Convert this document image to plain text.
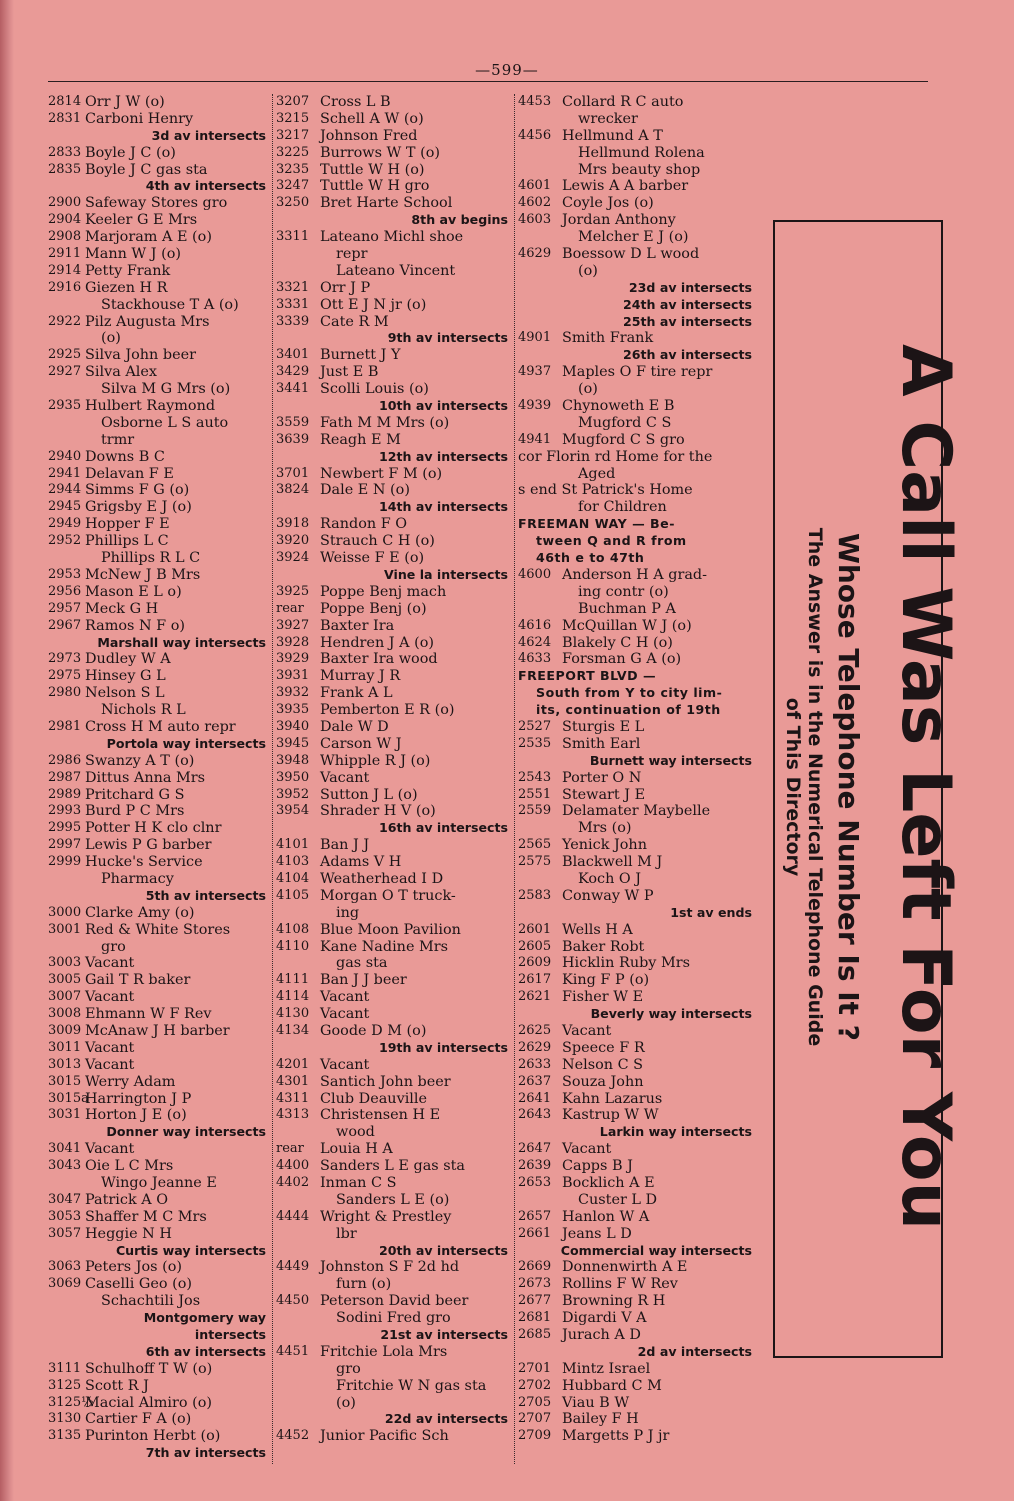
—599—
2814 Orr J W (o)
2831 Carboni Henry
3d av intersects
2833 Boyle J C (o)
2835 Boyle J C gas sta
4th av intersects
2900 Safeway Stores gro
2904 Keeler G E Mrs
2908 Marjoram A E (o)
2911 Mann W J (o)
2914 Petty Frank
2916 Giezen H R
Stackhouse T A (o)
2922 Pilz Augusta Mrs
(o)
2925 Silva John beer
2927 Silva Alex
Silva M G Mrs (o)
2935 Hulbert Raymond
Osborne L S auto
trmr
2940 Downs B C
2941 Delavan F E
2944 Simms F G (o)
2945 Grigsby E J (o)
2949 Hopper F E
2952 Phillips L C
Phillips R L C
2953 McNew J B Mrs
2956 Mason E L o)
2957 Meck G H
2967 Ramos N F o)
Marshall way intersects
2973 Dudley W A
2975 Hinsey G L
2980 Nelson S L
Nichols R L
2981 Cross H M auto repr
Portola way intersects
2986 Swanzy A T (o)
2987 Dittus Anna Mrs
2989 Pritchard G S
2993 Burd P C Mrs
2995 Potter H K clo clnr
2997 Lewis P G barber
2999 Hucke's Service
Pharmacy
5th av intersects
3000 Clarke Amy (o)
3001 Red & White Stores
gro
3003 Vacant
3005 Gail T R baker
3007 Vacant
3008 Ehmann W F Rev
3009 McAnaw J H barber
3011 Vacant
3013 Vacant
3015 Werry Adam
3015a
Harrington J P
3031 Horton J E (o)
Donner way intersects
3041 Vacant
3043 Oie L C Mrs
Wingo Jeanne E
3047 Patrick A O
3053 Shaffer M C Mrs
3057 Heggie N H
Curtis way intersects
3063 Peters Jos (o)
3069 Caselli Geo (o)
Schachtili Jos
Montgomery way
intersects
6th av intersects
3111 Schulhoff T W (o)
3125 Scott R J
3125½
Macial Almiro (o)
3130 Cartier F A (o)
3135 Purinton Herbt (o)
7th av intersects
3207 Cross L B
3215 Schell A W (o)
3217 Johnson Fred
3225 Burrows W T (o)
3235 Tuttle W H (o)
3247 Tuttle W H gro
3250 Bret Harte School
8th av begins
3311 Lateano Michl shoe
repr
Lateano Vincent
3321 Orr J P
3331 Ott E J N jr (o)
3339 Cate R M
9th av intersects
3401 Burnett J Y
3429 Just E B
3441 Scolli Louis (o)
10th av intersects
3559 Fath M M Mrs (o)
3639 Reagh E M
12th av intersects
3701 Newbert F M (o)
3824 Dale E N (o)
14th av intersects
3918 Randon F O
3920 Strauch C H (o)
3924 Weisse F E (o)
Vine la intersects
3925 Poppe Benj mach
rear	Poppe Benj (o)
3927 Baxter Ira
3928 Hendren J A (o)
3929 Baxter Ira wood
3931 Murray J R
3932 Frank A L
3935 Pemberton E R (o)
3940 Dale W D
3945 Carson W J
3948 Whipple R J (o)
3950 Vacant
3952 Sutton J L (o)
3954 Shrader H V (o)
16th av intersects
4101 Ban J J
4103 Adams V H
4104 Weatherhead I D
4105 Morgan O T truck-
ing
4108 Blue Moon Pavilion
4110 Kane Nadine Mrs
gas sta
4111 Ban J J beer
4114 Vacant
4130 Vacant
4134 Goode D M (o)
19th av intersects
4201 Vacant
4301 Santich John beer
4311 Club Deauville
4313 Christensen H E
wood
rear	Louia H A
4400 Sanders L E gas sta
4402 Inman C S
Sanders L E (o)
4444 Wright & Prestley
lbr
20th av intersects
4449 Johnston S F 2d hd
furn (o)
4450 Peterson David beer
Sodini Fred gro
21st av intersects
4451 Fritchie Lola Mrs
gro
Fritchie W N gas sta
(o)
22d av intersects
4452 Junior Pacific Sch
4453 Collard R C auto
wrecker
4456 Hellmund A T
Hellmund Rolena
Mrs beauty shop
4601 Lewis A A barber
4602 Coyle Jos (o)
4603 Jordan Anthony
Melcher E J (o)
4629 Boessow D L wood
(o)
23d av intersects
24th av intersects
25th av intersects
4901 Smith Frank
26th av intersects
4937 Maples O F tire repr
(o)
4939 Chynoweth E B
Mugford C S
4941 Mugford C S gro
cor Florin rd Home for the
Aged
s end St Patrick's Home
for Children
FREEMAN WAY — Be-
tween Q and R from
46th e to 47th
4600 Anderson H A grad-
ing contr (o)
Buchman P A
4616 McQuillan W J (o)
4624 Blakely C H (o)
4633 Forsman G A (o)
FREEPORT BLVD —
South from Y to city lim-
its, continuation of 19th
2527 Sturgis E L
2535 Smith Earl
Burnett way intersects
2543 Porter O N
2551 Stewart J E
2559 Delamater Maybelle
Mrs (o)
2565 Yenick John
2575 Blackwell M J
Koch O J
2583 Conway W P
1st av ends
2601 Wells H A
2605 Baker Robt
2609 Hicklin Ruby Mrs
2617 King F P (o)
2621 Fisher W E
Beverly way intersects
2625 Vacant
2629 Speece F R
2633 Nelson C S
2637 Souza John
2641 Kahn Lazarus
2643 Kastrup W W
Larkin way intersects
2647 Vacant
2639 Capps B J
2653 Bocklich A E
Custer L D
2657 Hanlon W A
2661 Jeans L D
Commercial way intersects
2669 Donnenwirth A E
2673 Rollins F W Rev
2677 Browning R H
2681 Digardi V A
2685 Jurach A D
2d av intersects
2701 Mintz Israel
2702 Hubbard C M
2705 Viau B W
2707 Bailey F H
2709 Margetts P J jr
A Call Was Left For You
Whose Telephone Number Is It ?
The Answer is in the Numerical Telephone Guide
of This Directory
